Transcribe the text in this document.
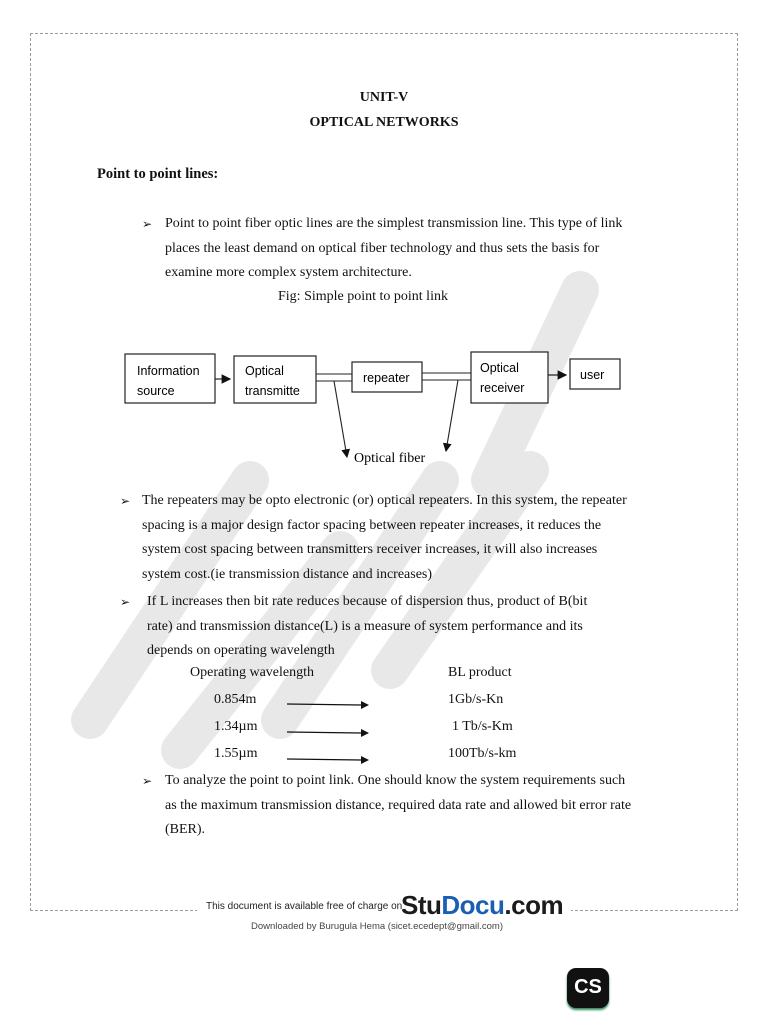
UNIT-V
OPTICAL NETWORKS
Point to point lines:
➢ Point to point fiber optic lines are the simplest transmission line. This type of link
places the least demand on optical fiber technology and thus sets the basis for
examine more complex system architecture.
Fig: Simple point to point link
Information
source
Optical
transmitte
repeater
Optical
receiver
user
Optical fiber
➢ The repeaters may be opto electronic (or) optical repeaters. In this system, the repeater
spacing is a major design factor spacing between repeater increases, it reduces the
system cost spacing between transmitters receiver increases, it will also increases
system cost.(ie transmission distance and increases)
➢ If L increases then bit rate reduces because of dispersion thus, product of B(bit
rate) and transmission distance(L) is a measure of system performance and its
depends on operating wavelength
Operating wavelength	BL product
0.854m	1Gb/s-Kn
1.34µm	1 Tb/s-Km
1.55µm	100Tb/s-km
➢ To analyze the point to point link. One should know the system requirements such
as the maximum transmission distance, required data rate and allowed bit error rate
(BER).
This document is available free of charge on
StuDocu.com
Downloaded by Burugula Hema (sicet.ecedept@gmail.com)
CS
